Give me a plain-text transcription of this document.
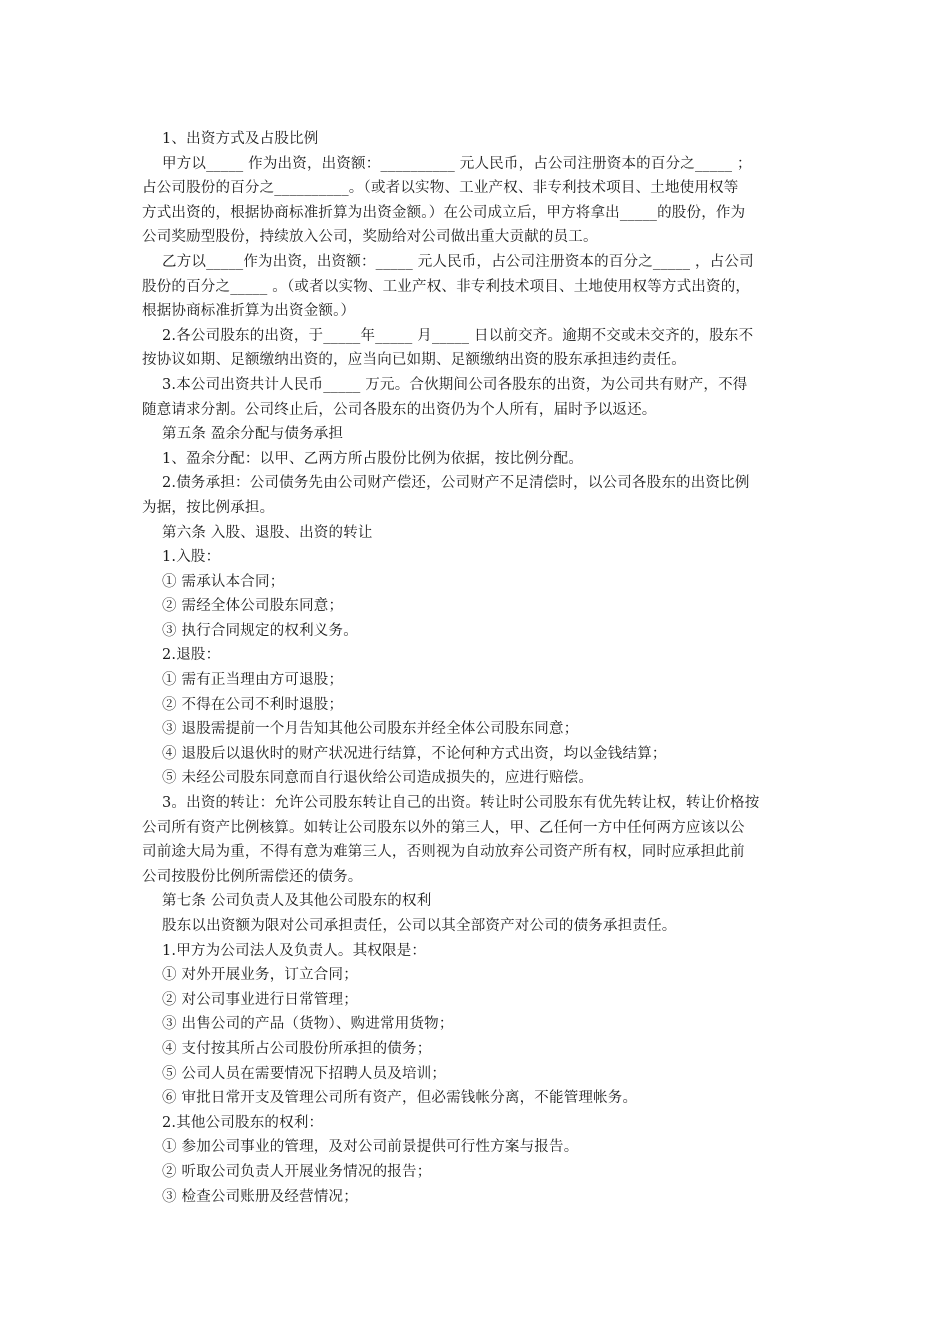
1、出资方式及占股比例

甲方以_____ 作为出资，出资额：__________ 元人民币，占公司注册资本的百分之_____ ；

占公司股份的百分之__________。（或者以实物、工业产权、非专利技术项目、土地使用权等

方式出资的，根据协商标准折算为出资金额。）在公司成立后，甲方将拿出_____的股份，作为

公司奖励型股份，持续放入公司，奖励给对公司做出重大贡献的员工。

乙方以_____作为出资，出资额：_____ 元人民币，占公司注册资本的百分之_____ ，占公司

股份的百分之_____ 。（或者以实物、工业产权、非专利技术项目、土地使用权等方式出资的，

根据协商标准折算为出资金额。）

2.各公司股东的出资，于_____年_____ 月_____ 日以前交齐。逾期不交或未交齐的，股东不

按协议如期、足额缴纳出资的，应当向已如期、足额缴纳出资的股东承担违约责任。

3.本公司出资共计人民币_____ 万元。合伙期间公司各股东的出资，为公司共有财产，不得

随意请求分割。公司终止后，公司各股东的出资仍为个人所有，届时予以返还。

第五条 盈余分配与债务承担

1、盈余分配：以甲、乙两方所占股份比例为依据，按比例分配。

2.债务承担：公司债务先由公司财产偿还，公司财产不足清偿时，以公司各股东的出资比例

为据，按比例承担。

第六条 入股、退股、出资的转让

1.入股：

① 需承认本合同；

② 需经全体公司股东同意；

③ 执行合同规定的权利义务。

2.退股：

① 需有正当理由方可退股；

② 不得在公司不利时退股；

③ 退股需提前一个月告知其他公司股东并经全体公司股东同意；

④ 退股后以退伙时的财产状况进行结算，不论何种方式出资，均以金钱结算；

⑤ 未经公司股东同意而自行退伙给公司造成损失的，应进行赔偿。

3。出资的转让：允许公司股东转让自己的出资。转让时公司股东有优先转让权，转让价格按

公司所有资产比例核算。如转让公司股东以外的第三人，甲、乙任何一方中任何两方应该以公

司前途大局为重，不得有意为难第三人，否则视为自动放弃公司资产所有权，同时应承担此前

公司按股份比例所需偿还的债务。

第七条 公司负责人及其他公司股东的权利

股东以出资额为限对公司承担责任，公司以其全部资产对公司的债务承担责任。

1.甲方为公司法人及负责人。其权限是：

① 对外开展业务，订立合同；

② 对公司事业进行日常管理；

③ 出售公司的产品（货物）、购进常用货物；

④ 支付按其所占公司股份所承担的债务；

⑤ 公司人员在需要情况下招聘人员及培训；

⑥ 审批日常开支及管理公司所有资产，但必需钱帐分离，不能管理帐务。

2.其他公司股东的权利：

① 参加公司事业的管理，及对公司前景提供可行性方案与报告。

② 听取公司负责人开展业务情况的报告；

③ 检查公司账册及经营情况；
